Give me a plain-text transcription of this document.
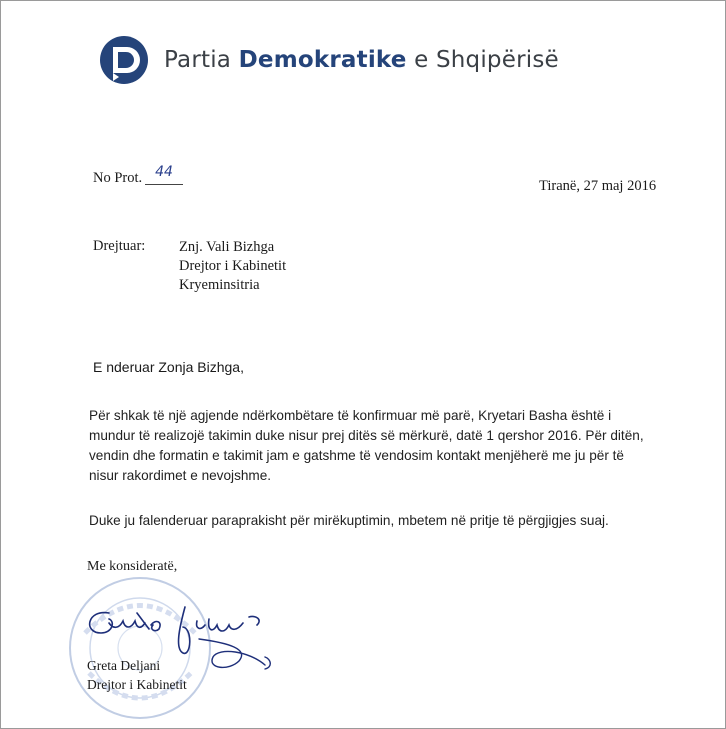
Partia Demokratike e Shqipërisë
No Prot. 44
Tiranë, 27 maj 2016
Drejtuar: Znj. Vali Bizhga
Drejtor i Kabinetit
Kryeminsitria
E nderuar Zonja Bizhga,
Për shkak të një agjende ndërkombëtare të konfirmuar më parë, Kryetari Basha është i mundur të realizojë takimin duke nisur prej ditës së mërkurë, datë 1 qershor 2016. Për ditën, vendin dhe formatin e takimit jam e gatshme të vendosim kontakt menjëherë me ju për të nisur rakordimet e nevojshme.
Duke ju falenderuar paraprakisht për mirëkuptimin, mbetem në pritje të përgjigjes suaj.
Me konsideratë,
Greta Deljani
Drejtor i Kabinetit
